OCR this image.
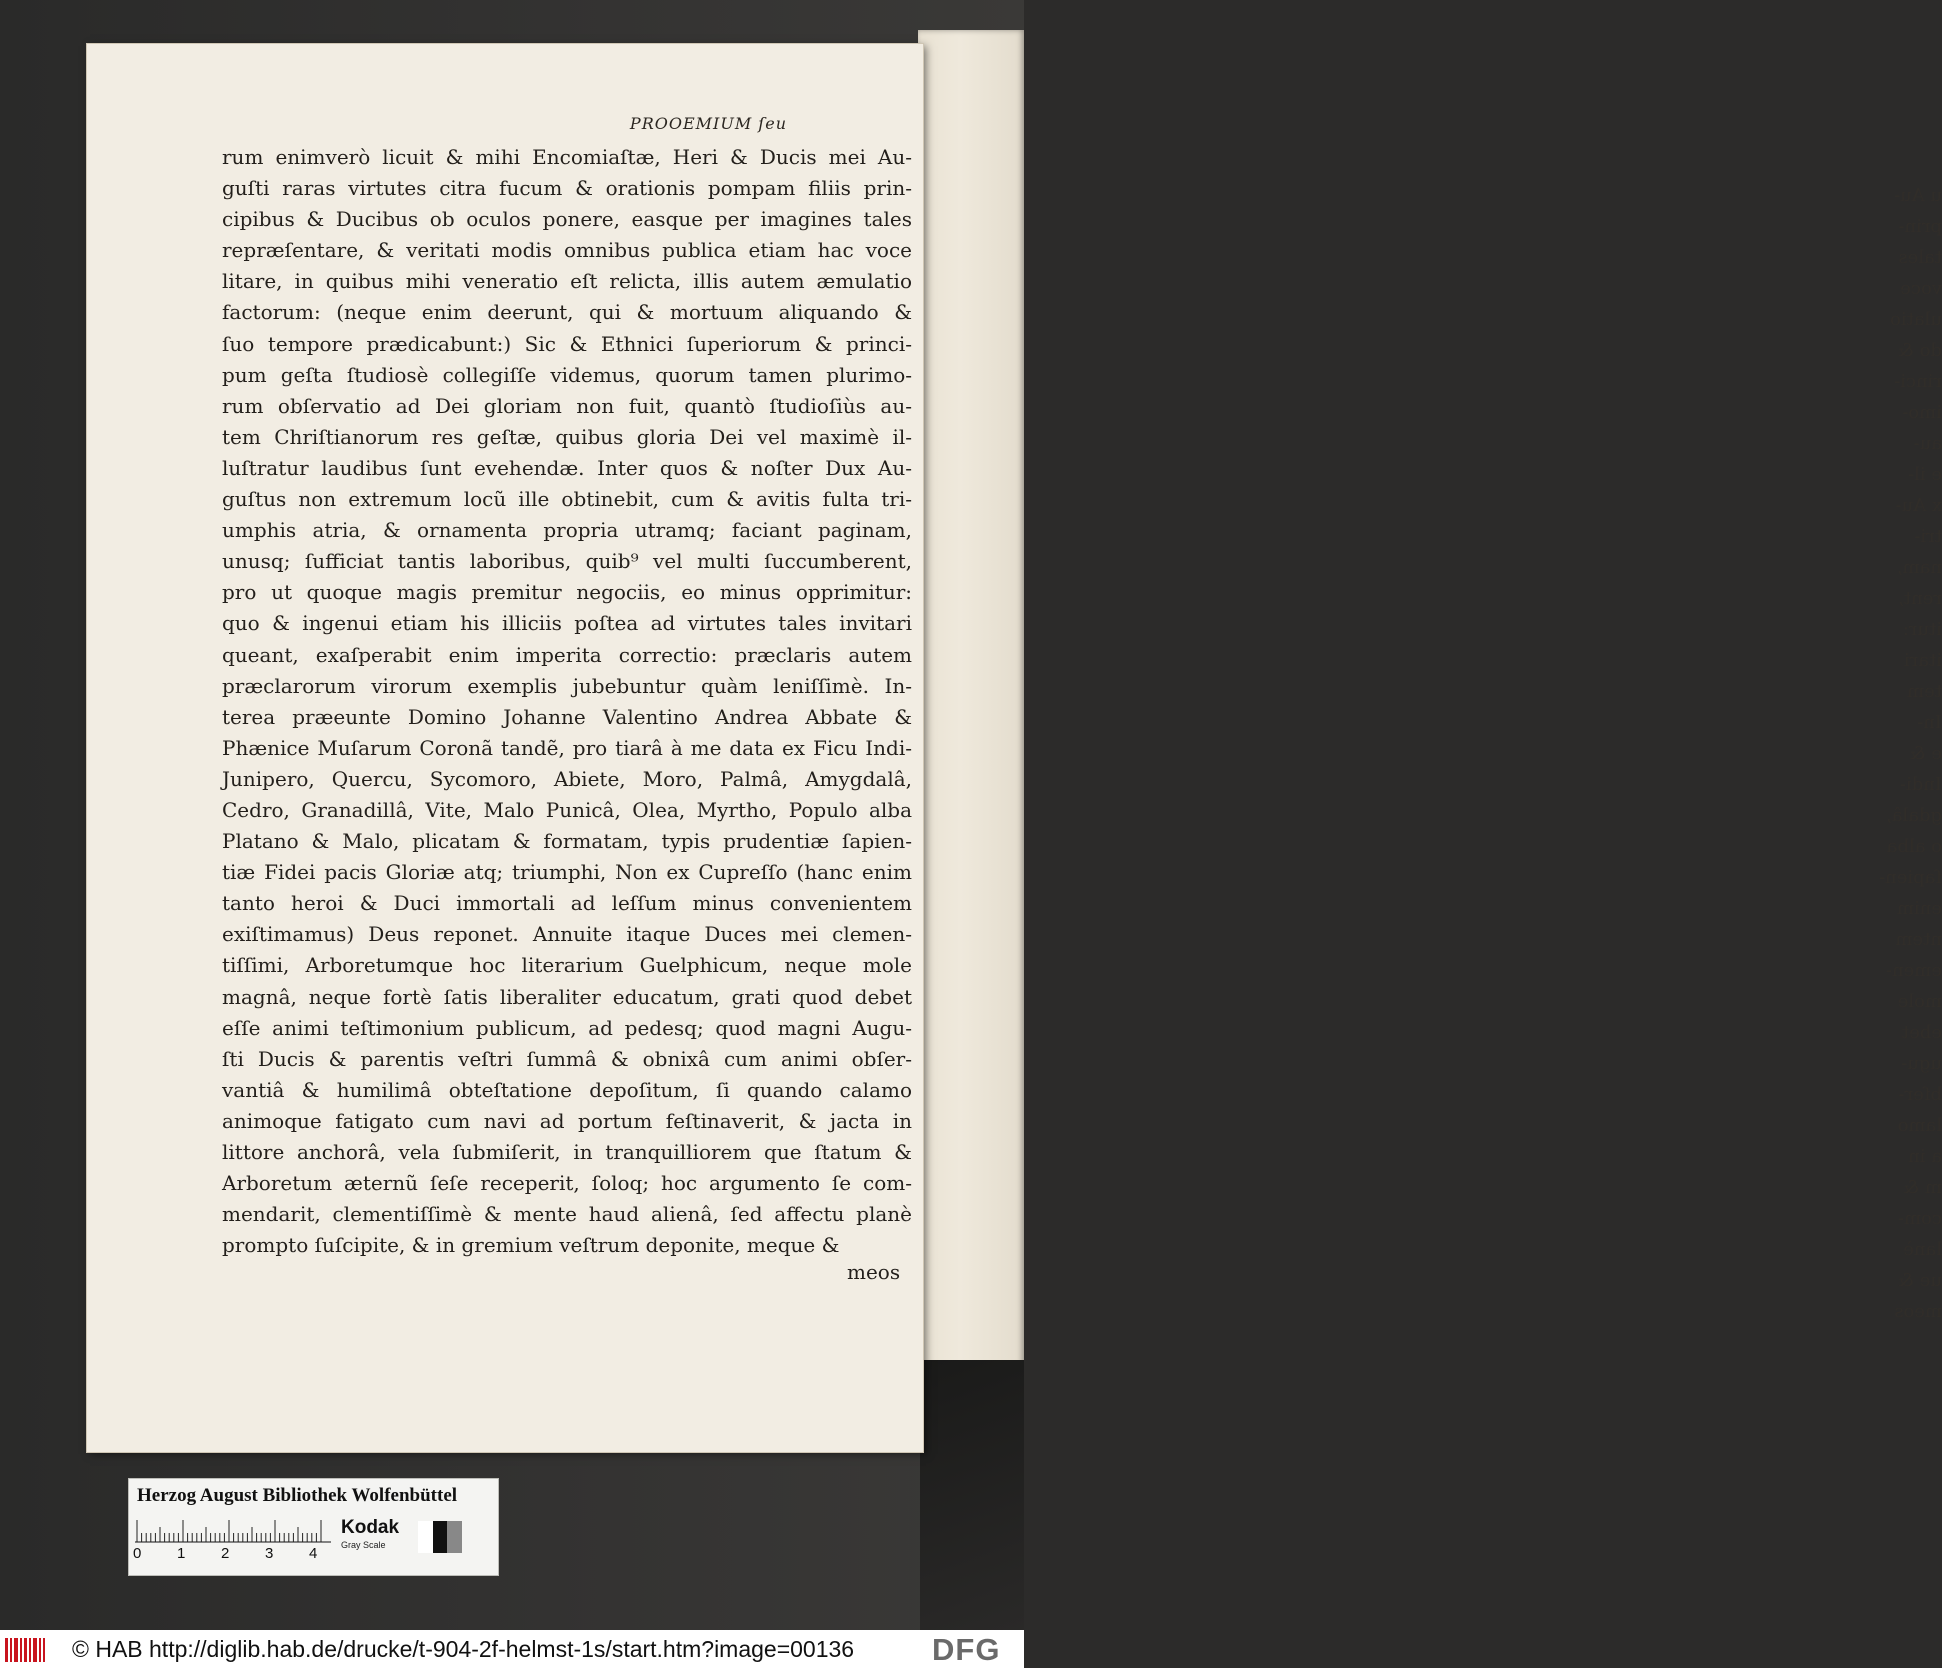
u Au-
prin-
tales
voce
ulatio
do &
rinci-
imo-
au-
e il-
x Au-
tri-
nam,
rent,
itur:
itari
tem
In-
e &
Indi-
gdalâ,
o alba
ſapien-
enim
ntem
emen-
mole
ebet
ugu-
bſer-
lamo
a in
m &
com-
lanè
ue &
meos
PROOEMIUM ſeu
rum enimverò licuit & mihi Encomiaſtæ, Heri & Ducis mei Au-
guſti raras virtutes citra fucum & orationis pompam filiis prin-
cipibus & Ducibus ob oculos ponere, easque per imagines tales
repræſentare, & veritati modis omnibus publica etiam hac voce
litare, in quibus mihi veneratio eſt relicta, illis autem æmulatio
factorum: (neque enim deerunt, qui & mortuum aliquando &
ſuo tempore prædicabunt:) Sic & Ethnici ſuperiorum & princi-
pum geſta ſtudiosè collegiſſe videmus, quorum tamen plurimo-
rum obſervatio ad Dei gloriam non fuit, quantò ſtudioſiùs au-
tem Chriſtianorum res geſtæ, quibus gloria Dei vel maximè il-
luſtratur laudibus ſunt evehendæ. Inter quos & noſter Dux Au-
guſtus non extremum locũ ille obtinebit, cum & avitis fulta tri-
umphis atria, & ornamenta propria utramq; faciant paginam,
unusq; ſufficiat tantis laboribus, quib⁹ vel multi ſuccumberent,
pro ut quoque magis premitur negociis, eo minus opprimitur:
quo & ingenui etiam his illiciis poſtea ad virtutes tales invitari
queant, exaſperabit enim imperita correctio: præclaris autem
præclarorum virorum exemplis jubebuntur quàm leniſſimè. In-
terea præeunte Domino Johanne Valentino Andrea Abbate &
Phænice Muſarum Coronã tandẽ, pro tiarâ à me data ex Ficu Indi-
Junipero, Quercu, Sycomoro, Abiete, Moro, Palmâ, Amygdalâ,
Cedro, Granadillâ, Vite, Malo Punicâ, Olea, Myrtho, Populo alba
Platano & Malo, plicatam & formatam, typis prudentiæ ſapien-
tiæ Fidei pacis Gloriæ atq; triumphi, Non ex Cupreſſo (hanc enim
tanto heroi & Duci immortali ad leſſum minus convenientem
exiſtimamus) Deus reponet. Annuite itaque Duces mei clemen-
tiſſimi, Arboretumque hoc literarium Guelphicum, neque mole
magnâ, neque fortè ſatis liberaliter educatum, grati quod debet
eſſe animi teſtimonium publicum, ad pedesq; quod magni Augu-
ſti Ducis & parentis veſtri ſummâ & obnixâ cum animi obſer-
vantiâ & humilimâ obteſtatione depoſitum, ſi quando calamo
animoque fatigato cum navi ad portum feſtinaverit, & jacta in
littore anchorâ, vela ſubmiſerit, in tranquilliorem que ſtatum &
Arboretum æternũ ſeſe receperit, ſoloq; hoc argumento ſe com-
mendarit, clementiſſimè & mente haud alienâ, ſed affectu planè
prompto ſuſcipite, & in gremium veſtrum deponite, meque &
meos
Herzog August Bibliothek Wolfenbüttel
0 1 2 3 4
Kodak
Gray Scale
© HAB http://diglib.hab.de/drucke/t-904-2f-helmst-1s/start.htm?image=00136	DFG
